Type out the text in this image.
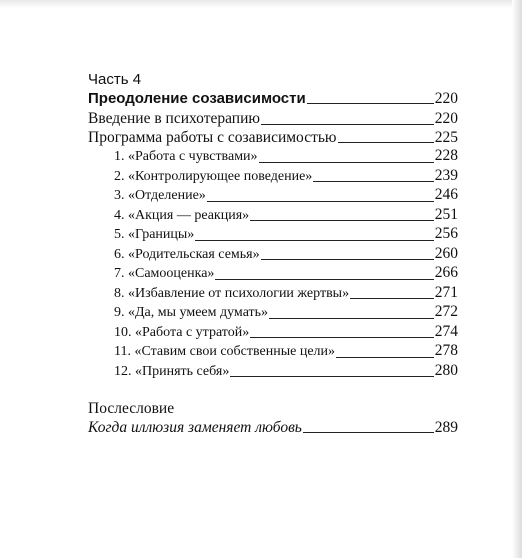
Часть 4
Преодоление созависимости	220
Введение в психотерапию	220
Программа работы с созависимостью	225
1. «Работа с чувствами»	228
2. «Контролирующее поведение»	239
3. «Отделение»	246
4. «Акция — реакция»	251
5. «Границы»	256
6. «Родительская семья»	260
7. «Самооценка»	266
8. «Избавление от психологии жертвы»	271
9. «Да, мы умеем думать»	272
10. «Работа с утратой»	274
11. «Ставим свои собственные цели»	278
12. «Принять себя»	280
Послесловие
Когда иллюзия заменяет любовь	289
